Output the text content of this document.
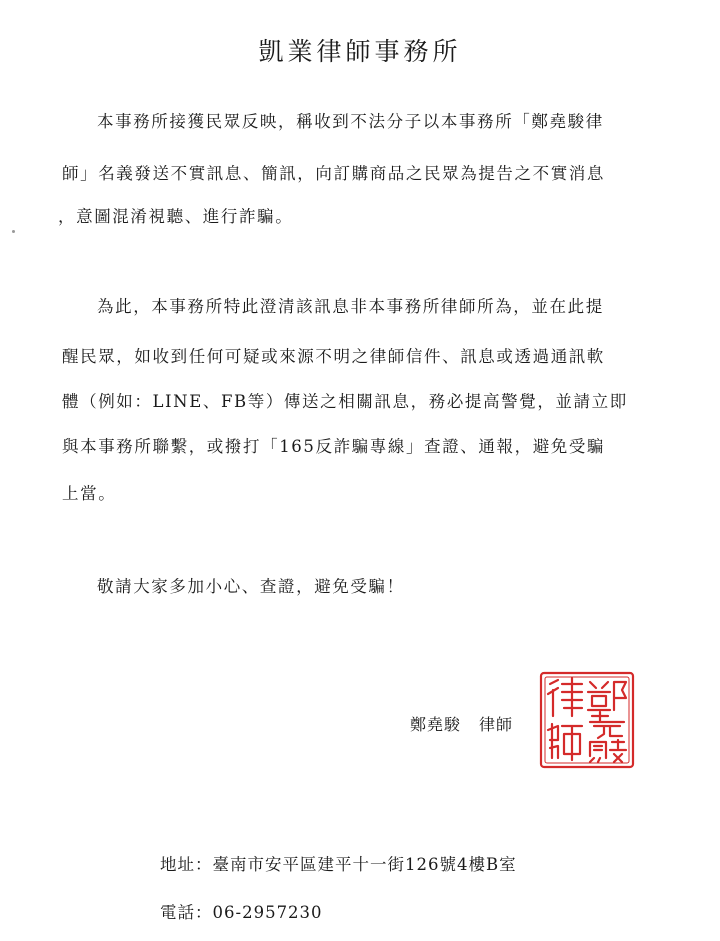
凱業律師事務所
本事務所接獲民眾反映，稱收到不法分子以本事務所「鄭堯駿律
師」名義發送不實訊息、簡訊，向訂購商品之民眾為提告之不實消息
，意圖混淆視聽、進行詐騙。
為此，本事務所特此澄清該訊息非本事務所律師所為，並在此提
醒民眾，如收到任何可疑或來源不明之律師信件、訊息或透過通訊軟
體（例如：LINE、FB等）傳送之相關訊息，務必提高警覺，並請立即
與本事務所聯繫，或撥打「165反詐騙專線」查證、通報，避免受騙
上當。
敬請大家多加小心、查證，避免受騙！
鄭堯駿 律師
地址：臺南市安平區建平十一街126號4樓B室
電話：06-2957230
